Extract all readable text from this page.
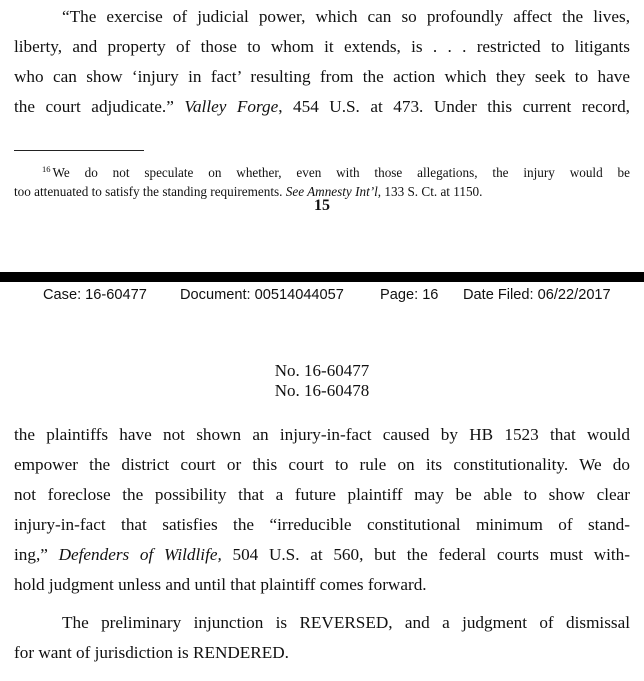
“The exercise of judicial power, which can so profoundly affect the lives,
liberty, and property of those to whom it extends, is . . . restricted to litigants
who can show ‘injury in fact’ resulting from the action which they seek to have
the court adjudicate.” Valley Forge, 454 U.S. at 473. Under this current record,

$^{16}$ We do not speculate on whether, even with those allegations, the injury would be
too attenuated to satisfy the standing requirements. See Amnesty Int’l, 133 S. Ct. at 1150.
15
Case: 16-60477 Document: 00514044057 Page: 16 Date Filed: 06/22/2017
No. 16-60477
No. 16-60478

the plaintiffs have not shown an injury-in-fact caused by HB 1523 that would
empower the district court or this court to rule on its constitutionality. We do
not foreclose the possibility that a future plaintiff may be able to show clear
injury-in-fact that satisfies the “irreducible constitutional minimum of stand-
ing,” Defenders of Wildlife, 504 U.S. at 560, but the federal courts must with-
hold judgment unless and until that plaintiff comes forward.

The preliminary injunction is REVERSED, and a judgment of dismissal
for want of jurisdiction is RENDERED.
